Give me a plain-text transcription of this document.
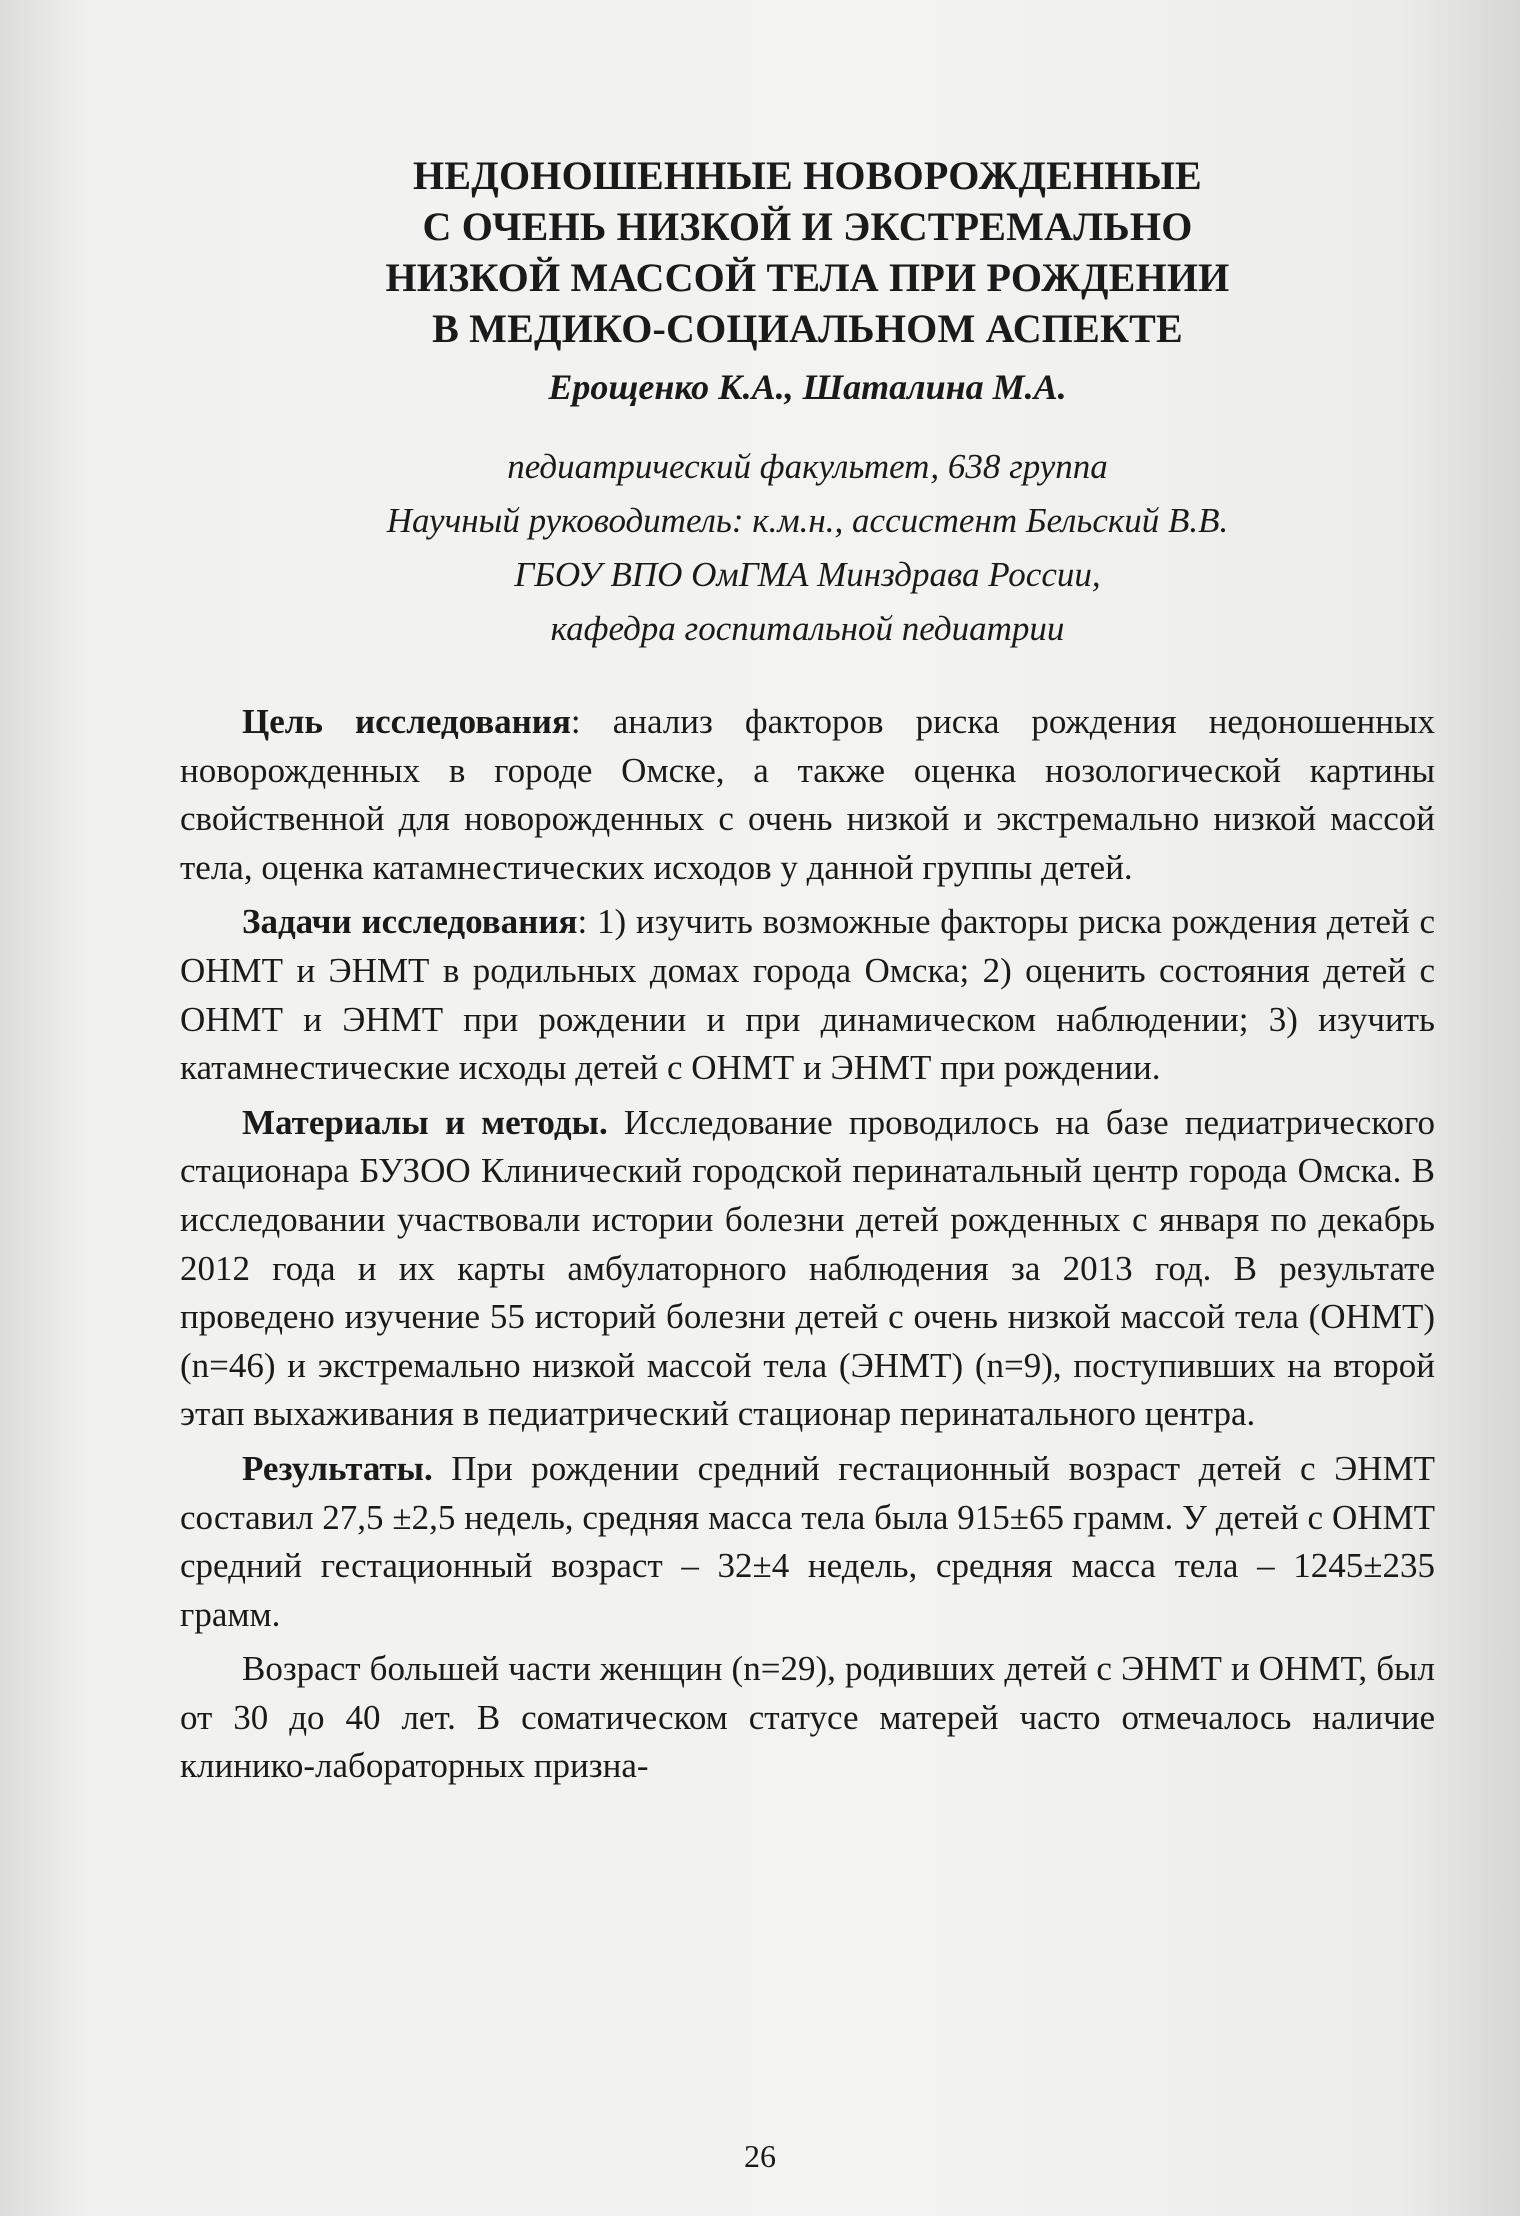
НЕДОНОШЕННЫЕ НОВОРОЖДЕННЫЕ
С ОЧЕНЬ НИЗКОЙ И ЭКСТРЕМАЛЬНО
НИЗКОЙ МАССОЙ ТЕЛА ПРИ РОЖДЕНИИ
В МЕДИКО-СОЦИАЛЬНОМ АСПЕКТЕ
Ерощенко К.А., Шаталина М.А.
педиатрический факультет, 638 группа
Научный руководитель: к.м.н., ассистент Бельский В.В.
ГБОУ ВПО ОмГМА Минздрава России,
кафедра госпитальной педиатрии

Цель исследования: анализ факторов риска рождения недоношенных новорожденных в городе Омске, а также оценка нозологической картины свойственной для новорожденных с очень низкой и экстремально низкой массой тела, оценка катамнестических исходов у данной группы детей.

Задачи исследования: 1) изучить возможные факторы риска рождения детей с ОНМТ и ЭНМТ в родильных домах города Омска; 2) оценить состояния детей с ОНМТ и ЭНМТ при рождении и при динамическом наблюдении; 3) изучить катамнестические исходы детей с ОНМТ и ЭНМТ при рождении.

Материалы и методы. Исследование проводилось на базе педиатрического стационара БУЗОО Клинический городской перинатальный центр города Омска. В исследовании участвовали истории болезни детей рожденных с января по декабрь 2012 года и их карты амбулаторного наблюдения за 2013 год. В результате проведено изучение 55 историй болезни детей с очень низкой массой тела (ОНМТ) (n=46) и экстремально низкой массой тела (ЭНМТ) (n=9), поступивших на второй этап выхаживания в педиатрический стационар перинатального центра.

Результаты. При рождении средний гестационный возраст детей с ЭНМТ составил 27,5 ±2,5 недель, средняя масса тела была 915±65 грамм. У детей с ОНМТ средний гестационный возраст – 32±4 недель, средняя масса тела – 1245±235 грамм.

Возраст большей части женщин (n=29), родивших детей с ЭНМТ и ОНМТ, был от 30 до 40 лет. В соматическом статусе матерей часто отмечалось наличие клинико-лабораторных призна-

26
